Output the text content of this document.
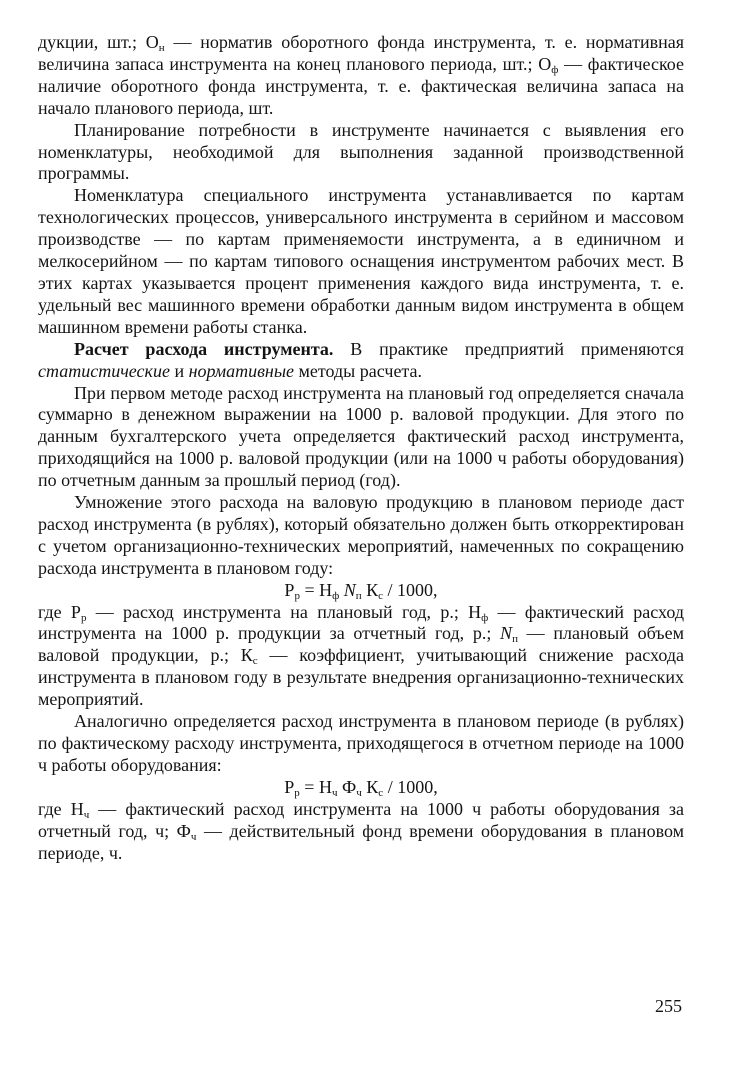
дукции, шт.; $О_н$ — норматив оборотного фонда инструмента, т. е. нормативная величина запаса инструмента на конец планового периода, шт.; $О_ф$ — фактическое наличие оборотного фонда инструмента, т. е. фактическая величина запаса на начало планового периода, шт.

Планирование потребности в инструменте начинается с выявления его номенклатуры, необходимой для выполнения заданной производственной программы.

Номенклатура специального инструмента устанавливается по картам технологических процессов, универсального инструмента в серийном и массовом производстве — по картам применяемости инструмента, а в единичном и мелкосерийном — по картам типового оснащения инструментом рабочих мест. В этих картах указывается процент применения каждого вида инструмента, т. е. удельный вес машинного времени обработки данным видом инструмента в общем машинном времени работы станка.

Расчет расхода инструмента. В практике предприятий применяются статистические и нормативные методы расчета.

При первом методе расход инструмента на плановый год определяется сначала суммарно в денежном выражении на 1000 р. валовой продукции. Для этого по данным бухгалтерского учета определяется фактический расход инструмента, приходящийся на 1000 р. валовой продукции (или на 1000 ч работы оборудования) по отчетным данным за прошлый период (год).

Умножение этого расхода на валовую продукцию в плановом периоде даст расход инструмента (в рублях), который обязательно должен быть откорректирован с учетом организационно-технических мероприятий, намеченных по сокращению расхода инструмента в плановом году:

$Р_р = Н_ф$ $N_п$ $К_с / 1000$,

где $Р_р$ — расход инструмента на плановый год, р.; $Н_ф$ — фактический расход инструмента на 1000 р. продукции за отчетный год, р.; $N_п$ — плановый объем валовой продукции, р.; $К_с$ — коэффициент, учитывающий снижение расхода инструмента в плановом году в результате внедрения организационно-технических мероприятий.

Аналогично определяется расход инструмента в плановом периоде (в рублях) по фактическому расходу инструмента, приходящегося в отчетном периоде на 1000 ч работы оборудования:

$Р_р = Н_ч$ $Ф_ч$ $К_с / 1000$,

где $Н_ч$ — фактический расход инструмента на 1000 ч работы оборудования за отчетный год, ч; $Ф_ч$ — действительный фонд времени оборудования в плановом периоде, ч.

255
